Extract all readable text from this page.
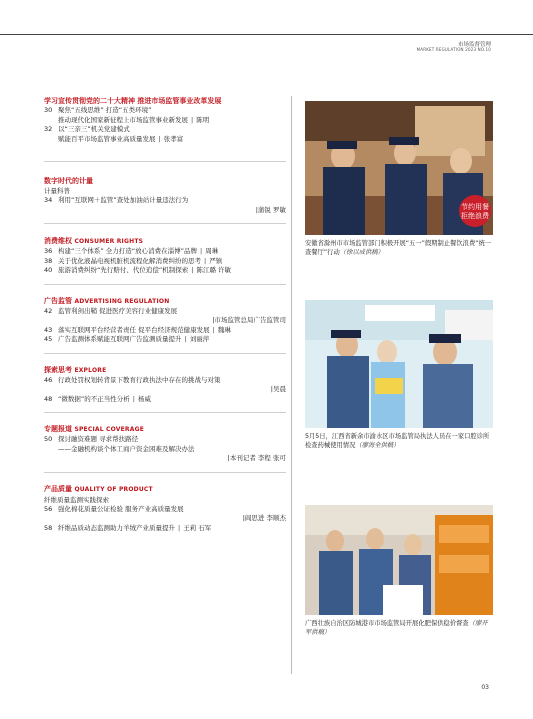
市场监督管理
MARKET REGULATION 2023 NO.10
学习宣传贯彻党的二十大精神 推进市场监管事业改革发展
30 聚焦“五线思维” 打造“五类环境”
推动现代化国家新征程上市场监管事业新发展 | 陈明
32 以“三亲三”机关党建模式
赋能百平市场监管事业高质量发展 | 张孝富
数字时代的计量
计量科普
34 利用“互联网＋监管”查处加油站计量违法行为
|蒲锐 罗敏
消费维权 CONSUMER RIGHTS
36 构建“三个体系” 全力打造“放心消费在淄博”品牌 | 周琳
38 关于优化液晶电视机脏机流程化解消费纠纷的思考 | 严镇
40 旅游消费纠纷“先行赔付、代位追偿”机制探索 | 陈江璐 许敏
广告监管 ADVERTISING REGULATION
42 监管利剑出鞘 促进医疗美容行业健康发展
|市场监管总局广告监管司
43 落实互联网平台经营者责任 促平台经济规范健康发展 | 魏琳
45 广告监测体系赋能互联网广告监测质量提升 | 刘丽萍
探索思考 EXPLORE
46 行政处罚权划转背景下教育行政执法中存在的挑战与对策
|吴晨
48 “微数据”的不正当性分析 | 杨威
专题报道 SPECIAL COVERAGE
50 探讨融资难题 寻求帮扶路径
——金融机构谈个体工商户资金困难及解决办法
|本刊记者 李程 张可
产品质量 QUALITY OF PRODUCT
纤维质量监测实践探索
56 强化棉花质量公证检验 服务产业高质量发展
|阎思进 李顺杰
58 纤维品质动态监测助力羊绒产业质量提升 | 王莉 石军
节约用餐
拒绝浪费
安徽省滁州市市场监管部门积极开展“五一”假期制止餐饮浪费“统一查餐厅”行动（徐以成供稿）
5月5日，江西省新余市渝水区市场监管局执法人员在一家口腔诊所检查药械使用情况（廖海全供稿）
广西壮族自治区防城港市市场监管局开展化肥保供稳价督查（廖开军供稿）
03
